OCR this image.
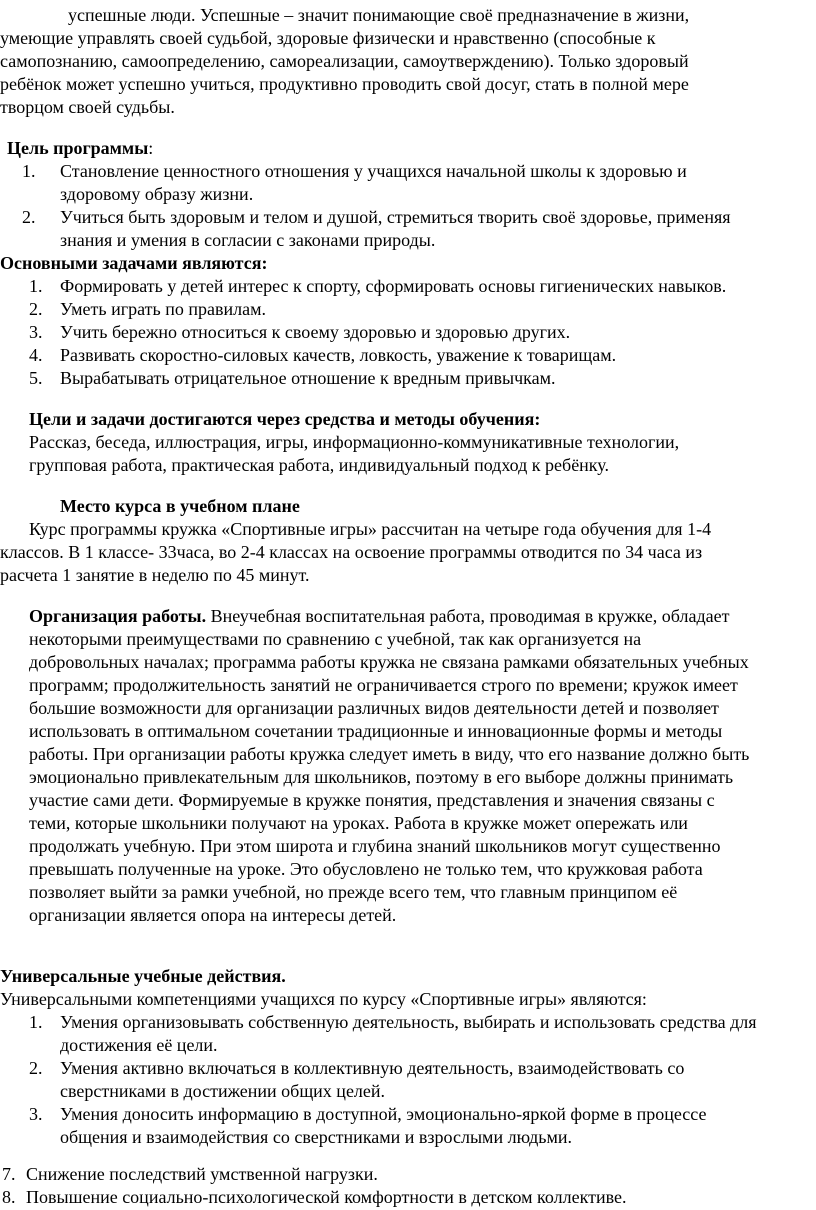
успешные люди. Успешные – значит понимающие своё предназначение в жизни,
умеющие управлять своей судьбой, здоровые физически и нравственно (способные к
самопознанию, самоопределению, самореализации, самоутверждению). Только здоровый
ребёнок может успешно учиться, продуктивно проводить свой досуг, стать в полной мере
творцом своей судьбы.
Цель программы:
1. Становление ценностного отношения у учащихся начальной школы к здоровью и
здоровому образу жизни.
2. Учиться быть здоровым и телом и душой, стремиться творить своё здоровье, применяя
знания и умения в согласии с законами природы.
Основными задачами являются:
1. Формировать у детей интерес к спорту, сформировать основы гигиенических навыков.
2. Уметь играть по правилам.
3. Учить бережно относиться к своему здоровью и здоровью других.
4. Развивать скоростно-силовых качеств, ловкость, уважение к товарищам.
5. Вырабатывать отрицательное отношение к вредным привычкам.
Цели и задачи достигаются через средства и методы обучения:
Рассказ, беседа, иллюстрация, игры, информационно-коммуникативные технологии,
групповая работа, практическая работа, индивидуальный подход к ребёнку.
Место курса в учебном плане
Курс программы кружка «Спортивные игры» рассчитан на четыре года обучения для 1-4
классов. В 1 классе- 33часа, во 2-4 классах на освоение программы отводится по 34 часа из
расчета 1 занятие в неделю по 45 минут.
Организация работы. Внеучебная воспитательная работа, проводимая в кружке, обладает
некоторыми преимуществами по сравнению с учебной, так как организуется на
добровольных началах; программа работы кружка не связана рамками обязательных учебных
программ; продолжительность занятий не ограничивается строго по времени; кружок имеет
большие возможности для организации различных видов деятельности детей и позволяет
использовать в оптимальном сочетании традиционные и инновационные формы и методы
работы. При организации работы кружка следует иметь в виду, что его название должно быть
эмоционально привлекательным для школьников, поэтому в его выборе должны принимать
участие сами дети. Формируемые в кружке понятия, представления и значения связаны с
теми, которые школьники получают на уроках. Работа в кружке может опережать или
продолжать учебную. При этом широта и глубина знаний школьников могут существенно
превышать полученные на уроке. Это обусловлено не только тем, что кружковая работа
позволяет выйти за рамки учебной, но прежде всего тем, что главным принципом её
организации является опора на интересы детей.
Универсальные учебные действия.
Универсальными компетенциями учащихся по курсу «Спортивные игры» являются:
1. Умения организовывать собственную деятельность, выбирать и использовать средства для
достижения её цели.
2. Умения активно включаться в коллективную деятельность, взаимодействовать со
сверстниками в достижении общих целей.
3. Умения доносить информацию в доступной, эмоционально-яркой форме в процессе
общения и взаимодействия со сверстниками и взрослыми людьми.
7. Снижение последствий умственной нагрузки.
8. Повышение социально-психологической комфортности в детском коллективе.
